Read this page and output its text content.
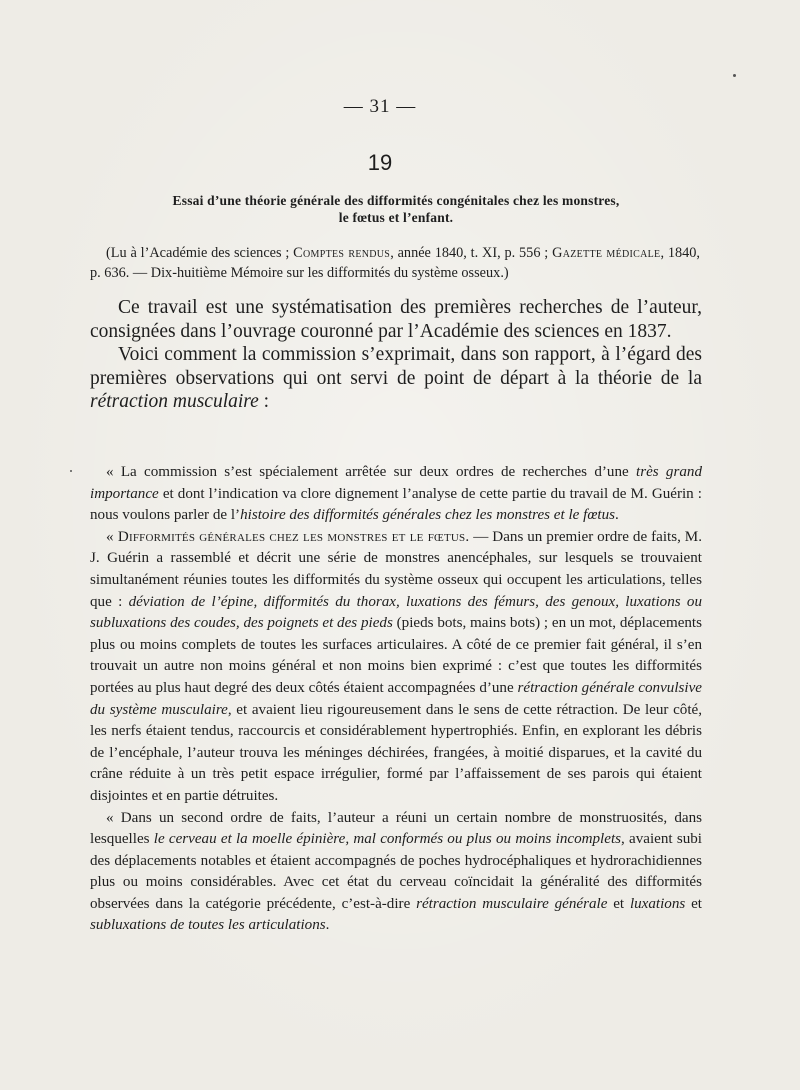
— 31 —
19
Essai d’une théorie générale des difformités congénitales chez les monstres,
le fœtus et l’enfant.
(Lu à l’Académie des sciences ; Comptes rendus, année 1840, t. XI, p. 556 ; Gazette médicale, 1840, p. 636. — Dix-huitième Mémoire sur les difformités du système osseux.)

Ce travail est une systématisation des premières recherches de l’auteur, consignées dans l’ouvrage couronné par l’Académie des sciences en 1837.

Voici comment la commission s’exprimait, dans son rapport, à l’égard des premières observations qui ont servi de point de départ à la théorie de la rétraction musculaire :

« La commission s’est spécialement arrêtée sur deux ordres de recherches d’une très grand importance et dont l’indication va clore dignement l’analyse de cette partie du travail de M. Guérin : nous voulons parler de l’histoire des difformités générales chez les monstres et le fœtus.

« Difformités générales chez les monstres et le fœtus. — Dans un premier ordre de faits, M. J. Guérin a rassemblé et décrit une série de monstres anencéphales, sur lesquels se trouvaient simultanément réunies toutes les difformités du système osseux qui occupent les articulations, telles que : déviation de l’épine, difformités du thorax, luxations des fémurs, des genoux, luxations ou subluxations des coudes, des poignets et des pieds (pieds bots, mains bots) ; en un mot, déplacements plus ou moins complets de toutes les surfaces articulaires. A côté de ce premier fait général, il s’en trouvait un autre non moins général et non moins bien exprimé : c’est que toutes les difformités portées au plus haut degré des deux côtés étaient accompagnées d’une rétraction générale convulsive du système musculaire, et avaient lieu rigoureusement dans le sens de cette rétraction. De leur côté, les nerfs étaient tendus, raccourcis et considérablement hypertrophiés. Enfin, en explorant les débris de l’encéphale, l’auteur trouva les méninges déchirées, frangées, à moitié disparues, et la cavité du crâne réduite à un très petit espace irrégulier, formé par l’affaissement de ses parois qui étaient disjointes et en partie détruites.

« Dans un second ordre de faits, l’auteur a réuni un certain nombre de monstruosités, dans lesquelles le cerveau et la moelle épinière, mal conformés ou plus ou moins incomplets, avaient subi des déplacements notables et étaient accompagnés de poches hydrocéphaliques et hydrorachidiennes plus ou moins considérables. Avec cet état du cerveau coïncidait la généralité des difformités observées dans la catégorie précédente, c’est-à-dire rétraction musculaire générale et luxations et subluxations de toutes les articulations.
